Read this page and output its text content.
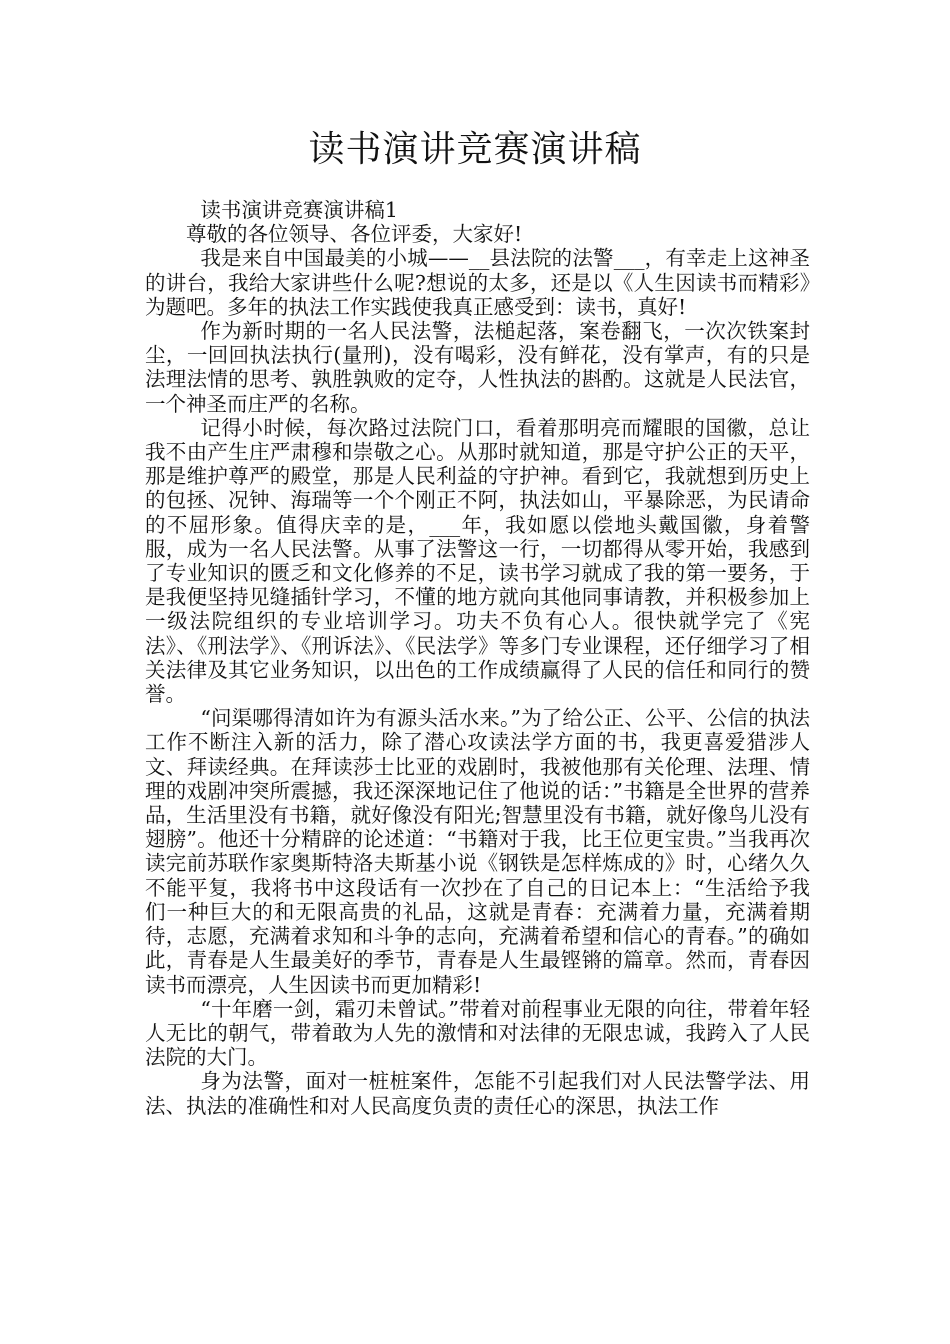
读书演讲竞赛演讲稿

读书演讲竞赛演讲稿1

尊敬的各位领导、各位评委，大家好!

我是来自中国最美的小城——__县法院的法警___，有幸走上这神圣的讲台，我给大家讲些什么呢?想说的太多，还是以《人生因读书而精彩》为题吧。多年的执法工作实践使我真正感受到：读书，真好!

作为新时期的一名人民法警，法槌起落，案卷翻飞，一次次铁案封尘，一回回执法执行(量刑)，没有喝彩，没有鲜花，没有掌声，有的只是法理法情的思考、孰胜孰败的定夺，人性执法的斟酌。这就是人民法官，一个神圣而庄严的名称。

记得小时候，每次路过法院门口，看着那明亮而耀眼的国徽，总让我不由产生庄严肃穆和崇敬之心。从那时就知道，那是守护公正的天平，那是维护尊严的殿堂，那是人民利益的守护神。看到它，我就想到历史上的包拯、况钟、海瑞等一个个刚正不阿，执法如山，平暴除恶，为民请命的不屈形象。值得庆幸的是，___年，我如愿以偿地头戴国徽，身着警服，成为一名人民法警。从事了法警这一行，一切都得从零开始，我感到了专业知识的匮乏和文化修养的不足，读书学习就成了我的第一要务，于是我便坚持见缝插针学习，不懂的地方就向其他同事请教，并积极参加上一级法院组织的专业培训学习。功夫不负有心人。很快就学完了《宪法》、《刑法学》、《刑诉法》、《民法学》等多门专业课程，还仔细学习了相关法律及其它业务知识，以出色的工作成绩赢得了人民的信任和同行的赞誉。

“问渠哪得清如许为有源头活水来。”为了给公正、公平、公信的执法工作不断注入新的活力，除了潜心攻读法学方面的书，我更喜爱猎涉人文、拜读经典。在拜读莎士比亚的戏剧时，我被他那有关伦理、法理、情理的戏剧冲突所震撼，我还深深地记住了他说的话：”书籍是全世界的营养品，生活里没有书籍，就好像没有阳光;智慧里没有书籍，就好像鸟儿没有翅膀”。他还十分精辟的论述道：“书籍对于我，比王位更宝贵。”当我再次读完前苏联作家奥斯特洛夫斯基小说《钢铁是怎样炼成的》时，心绪久久不能平复，我将书中这段话有一次抄在了自己的日记本上：“生活给予我们一种巨大的和无限高贵的礼品，这就是青春：充满着力量，充满着期待，志愿，充满着求知和斗争的志向，充满着希望和信心的青春。”的确如此，青春是人生最美好的季节，青春是人生最铿锵的篇章。然而，青春因读书而漂亮，人生因读书而更加精彩!

“十年磨一剑，霜刃未曾试。”带着对前程事业无限的向往，带着年轻人无比的朝气，带着敢为人先的激情和对法律的无限忠诚，我跨入了人民法院的大门。

身为法警，面对一桩桩案件，怎能不引起我们对人民法警学法、用法、执法的准确性和对人民高度负责的责任心的深思，执法工作
